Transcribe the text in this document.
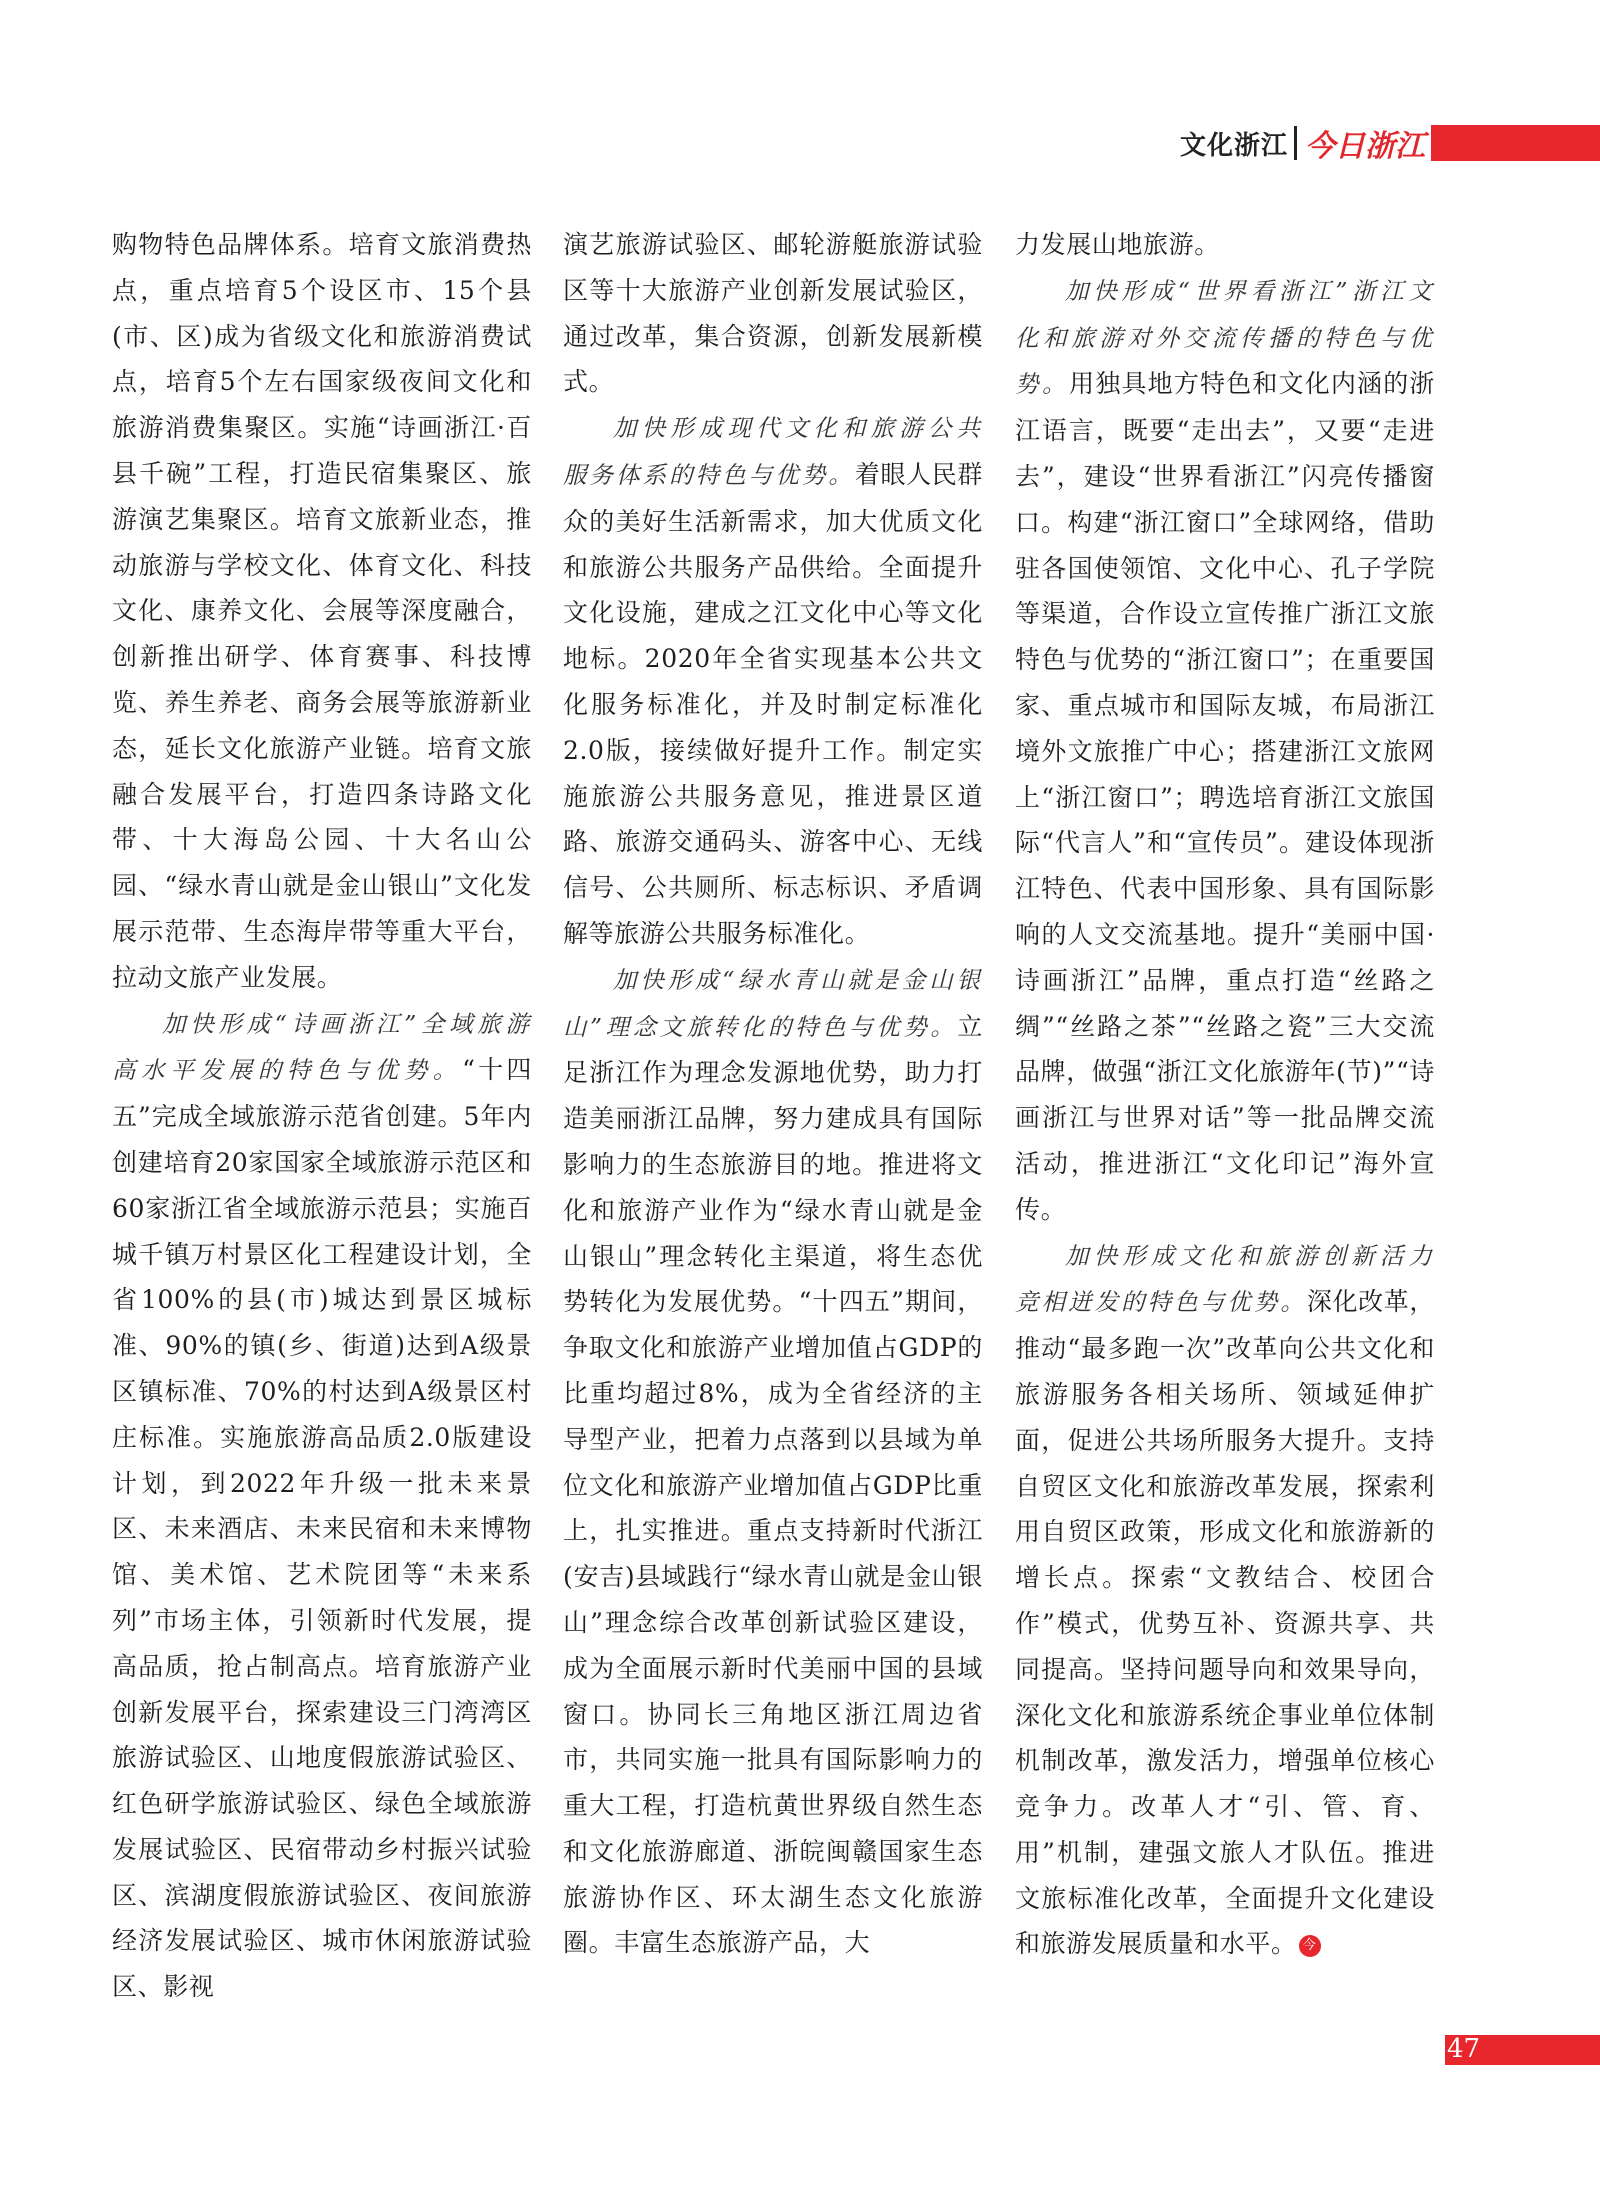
文化浙江 今日浙江

购物特色品牌体系。培育文旅消费热点，重点培育5个设区市、15个县(市、区)成为省级文化和旅游消费试点，培育5个左右国家级夜间文化和旅游消费集聚区。实施“诗画浙江·百县千碗”工程，打造民宿集聚区、旅游演艺集聚区。培育文旅新业态，推动旅游与学校文化、体育文化、科技文化、康养文化、会展等深度融合，创新推出研学、体育赛事、科技博览、养生养老、商务会展等旅游新业态，延长文化旅游产业链。培育文旅融合发展平台，打造四条诗路文化带、十大海岛公园、十大名山公园、“绿水青山就是金山银山”文化发展示范带、生态海岸带等重大平台，拉动文旅产业发展。

加快形成“诗画浙江”全域旅游高水平发展的特色与优势。“十四五”完成全域旅游示范省创建。5年内创建培育20家国家全域旅游示范区和60家浙江省全域旅游示范县；实施百城千镇万村景区化工程建设计划，全省100%的县(市)城达到景区城标准、90%的镇(乡、街道)达到A级景区镇标准、70%的村达到A级景区村庄标准。实施旅游高品质2.0版建设计划，到2022年升级一批未来景区、未来酒店、未来民宿和未来博物馆、美术馆、艺术院团等“未来系列”市场主体，引领新时代发展，提高品质，抢占制高点。培育旅游产业创新发展平台，探索建设三门湾湾区旅游试验区、山地度假旅游试验区、红色研学旅游试验区、绿色全域旅游发展试验区、民宿带动乡村振兴试验区、滨湖度假旅游试验区、夜间旅游经济发展试验区、城市休闲旅游试验区、影视

演艺旅游试验区、邮轮游艇旅游试验区等十大旅游产业创新发展试验区，通过改革，集合资源，创新发展新模式。

加快形成现代文化和旅游公共服务体系的特色与优势。着眼人民群众的美好生活新需求，加大优质文化和旅游公共服务产品供给。全面提升文化设施，建成之江文化中心等文化地标。2020年全省实现基本公共文化服务标准化，并及时制定标准化2.0版，接续做好提升工作。制定实施旅游公共服务意见，推进景区道路、旅游交通码头、游客中心、无线信号、公共厕所、标志标识、矛盾调解等旅游公共服务标准化。

加快形成“绿水青山就是金山银山”理念文旅转化的特色与优势。立足浙江作为理念发源地优势，助力打造美丽浙江品牌，努力建成具有国际影响力的生态旅游目的地。推进将文化和旅游产业作为“绿水青山就是金山银山”理念转化主渠道，将生态优势转化为发展优势。“十四五”期间，争取文化和旅游产业增加值占GDP的比重均超过8%，成为全省经济的主导型产业，把着力点落到以县域为单位文化和旅游产业增加值占GDP比重上，扎实推进。重点支持新时代浙江(安吉)县域践行“绿水青山就是金山银山”理念综合改革创新试验区建设，成为全面展示新时代美丽中国的县域窗口。协同长三角地区浙江周边省市，共同实施一批具有国际影响力的重大工程，打造杭黄世界级自然生态和文化旅游廊道、浙皖闽赣国家生态旅游协作区、环太湖生态文化旅游圈。丰富生态旅游产品，大

力发展山地旅游。

加快形成“世界看浙江”浙江文化和旅游对外交流传播的特色与优势。用独具地方特色和文化内涵的浙江语言，既要“走出去”，又要“走进去”，建设“世界看浙江”闪亮传播窗口。构建“浙江窗口”全球网络，借助驻各国使领馆、文化中心、孔子学院等渠道，合作设立宣传推广浙江文旅特色与优势的“浙江窗口”；在重要国家、重点城市和国际友城，布局浙江境外文旅推广中心；搭建浙江文旅网上“浙江窗口”；聘选培育浙江文旅国际“代言人”和“宣传员”。建设体现浙江特色、代表中国形象、具有国际影响的人文交流基地。提升“美丽中国·诗画浙江”品牌，重点打造“丝路之绸”“丝路之茶”“丝路之瓷”三大交流品牌，做强“浙江文化旅游年(节)”“诗画浙江与世界对话”等一批品牌交流活动，推进浙江“文化印记”海外宣传。

加快形成文化和旅游创新活力竞相迸发的特色与优势。深化改革，推动“最多跑一次”改革向公共文化和旅游服务各相关场所、领域延伸扩面，促进公共场所服务大提升。支持自贸区文化和旅游改革发展，探索利用自贸区政策，形成文化和旅游新的增长点。探索“文教结合、校团合作”模式，优势互补、资源共享、共同提高。坚持问题导向和效果导向，深化文化和旅游系统企事业单位体制机制改革，激发活力，增强单位核心竞争力。改革人才“引、管、育、用”机制，建强文旅人才队伍。推进文旅标准化改革，全面提升文化建设和旅游发展质量和水平。 今

47
